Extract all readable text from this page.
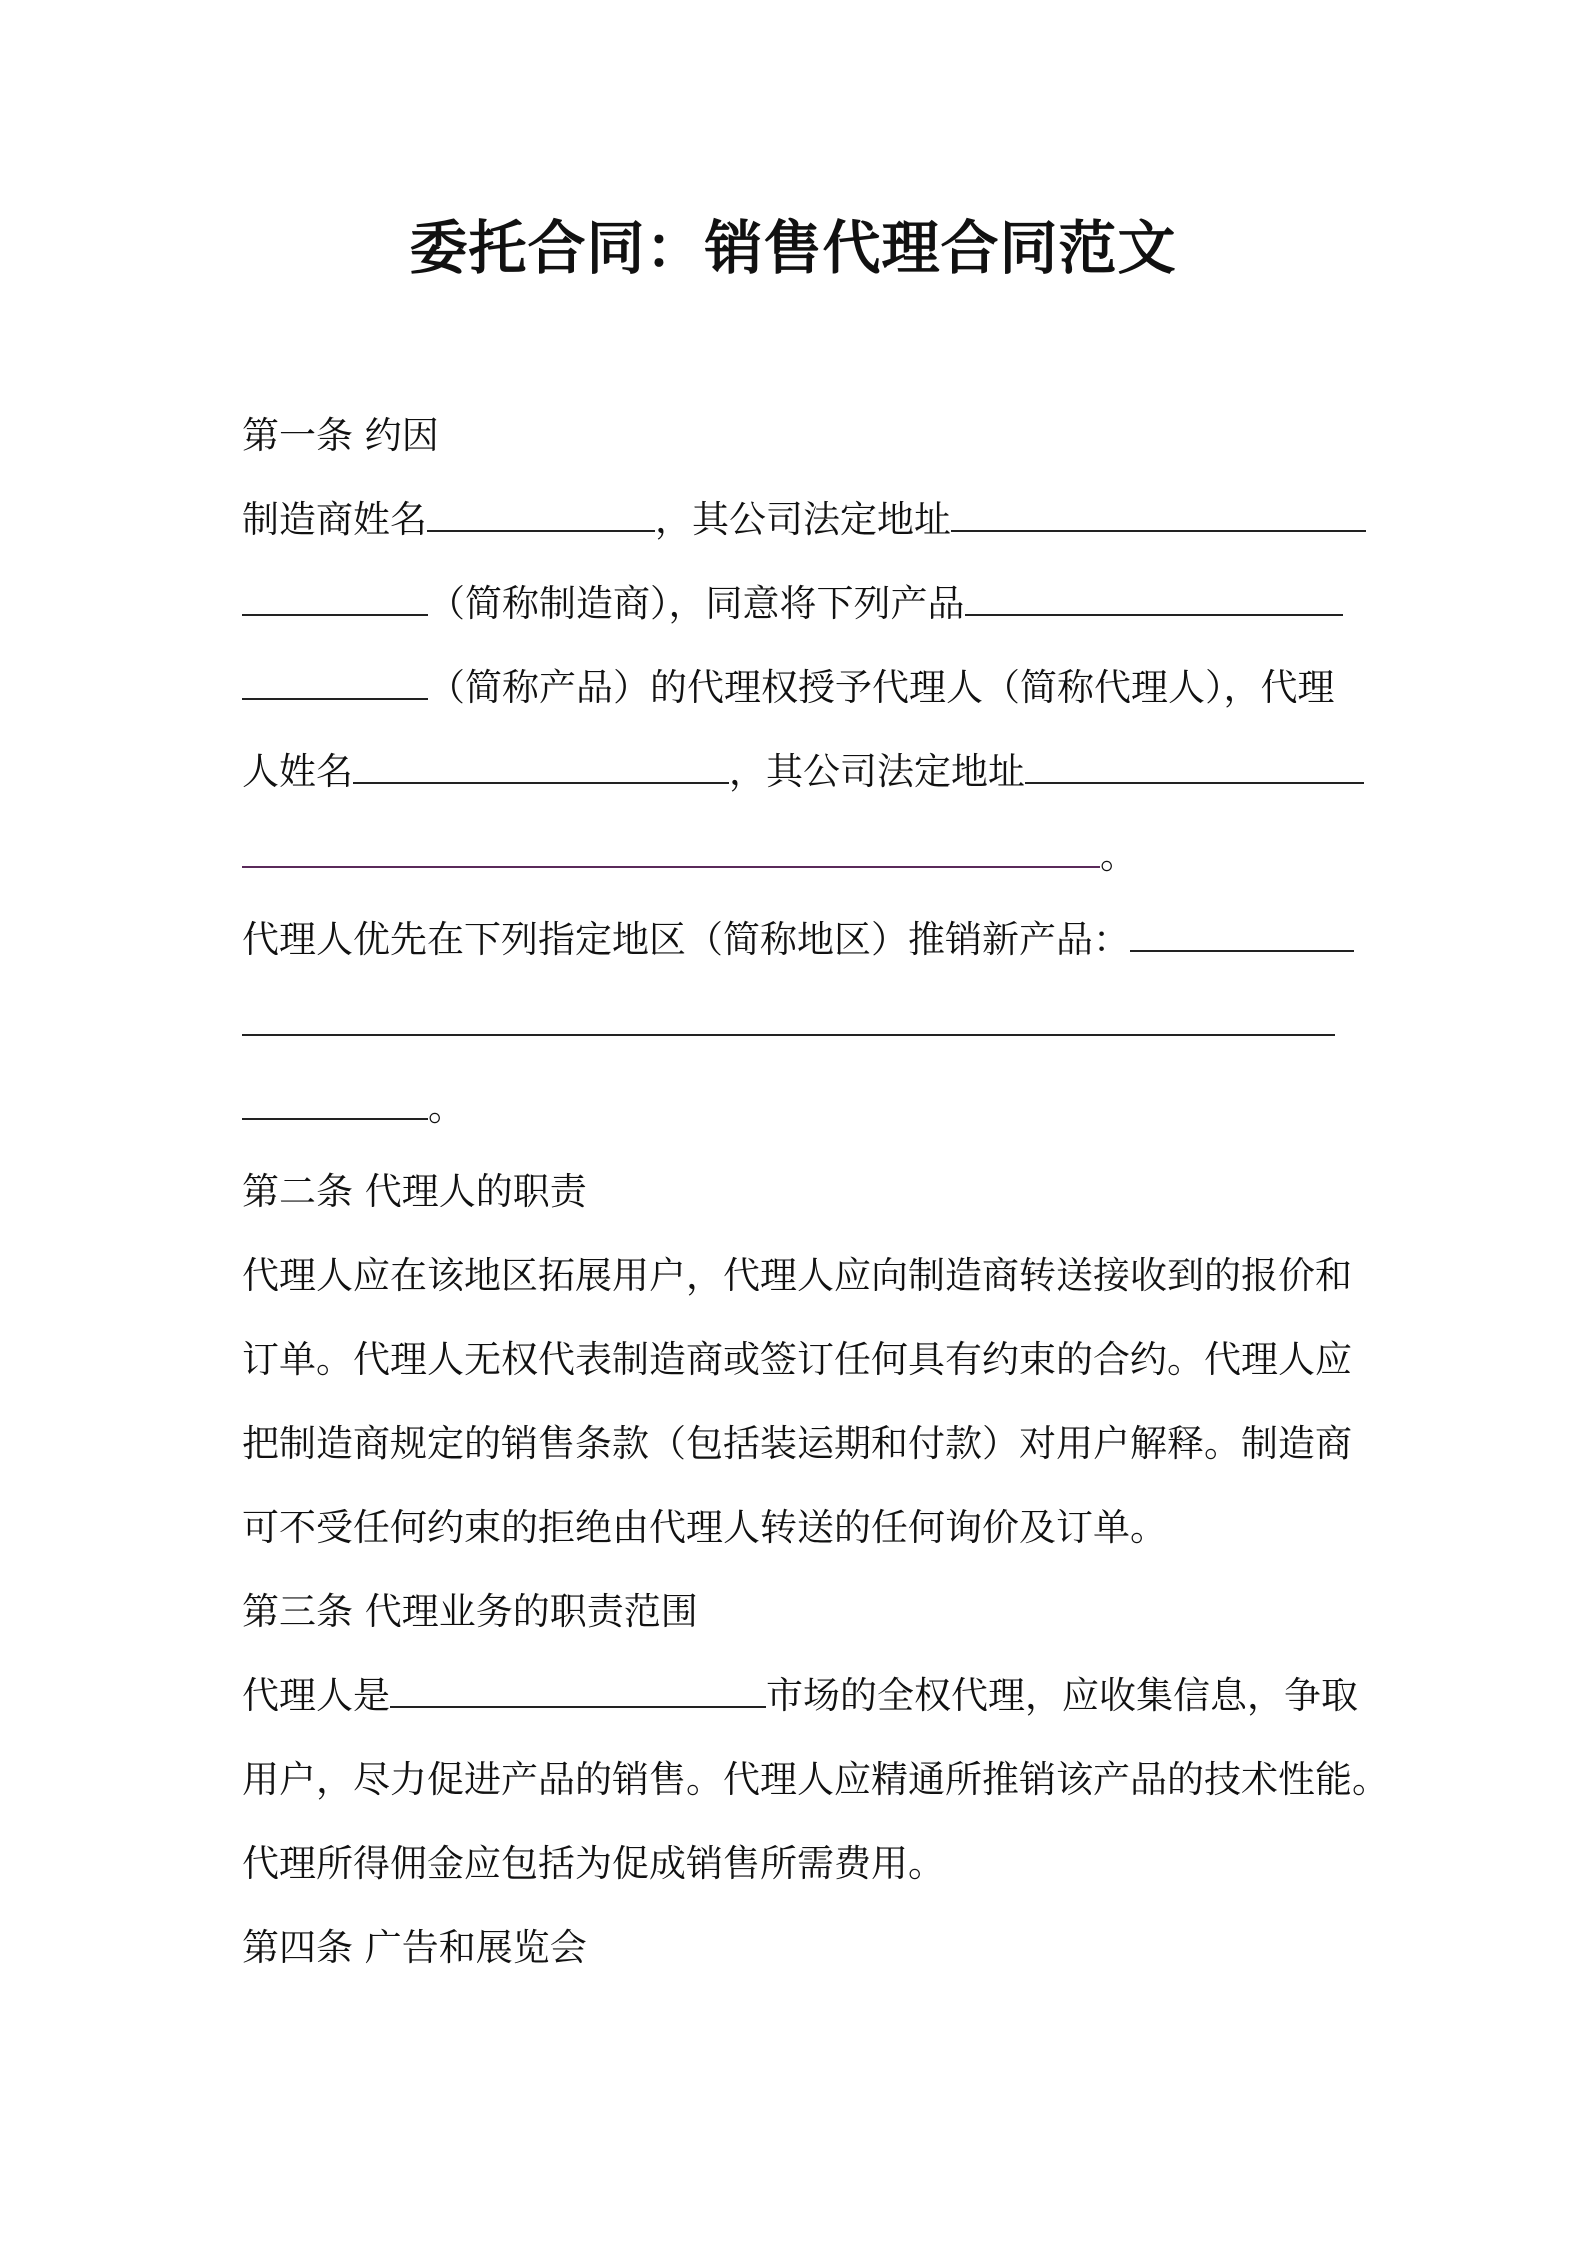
委托合同：销售代理合同范文
第一条 约因
制造商姓名	，其公司法定地址
（简称制造商），同意将下列产品
（简称产品）的代理权授予代理人（简称代理人），代理
人姓名	，其公司法定地址
。
代理人优先在下列指定地区（简称地区）推销新产品：
。
第二条 代理人的职责
代理人应在该地区拓展用户，代理人应向制造商转送接收到的报价和
订单。代理人无权代表制造商或签订任何具有约束的合约。代理人应
把制造商规定的销售条款（包括装运期和付款）对用户解释。制造商
可不受任何约束的拒绝由代理人转送的任何询价及订单。
第三条 代理业务的职责范围
代理人是	市场的全权代理，应收集信息，争取
用户，尽力促进产品的销售。代理人应精通所推销该产品的技术性能。
代理所得佣金应包括为促成销售所需费用。
第四条 广告和展览会
